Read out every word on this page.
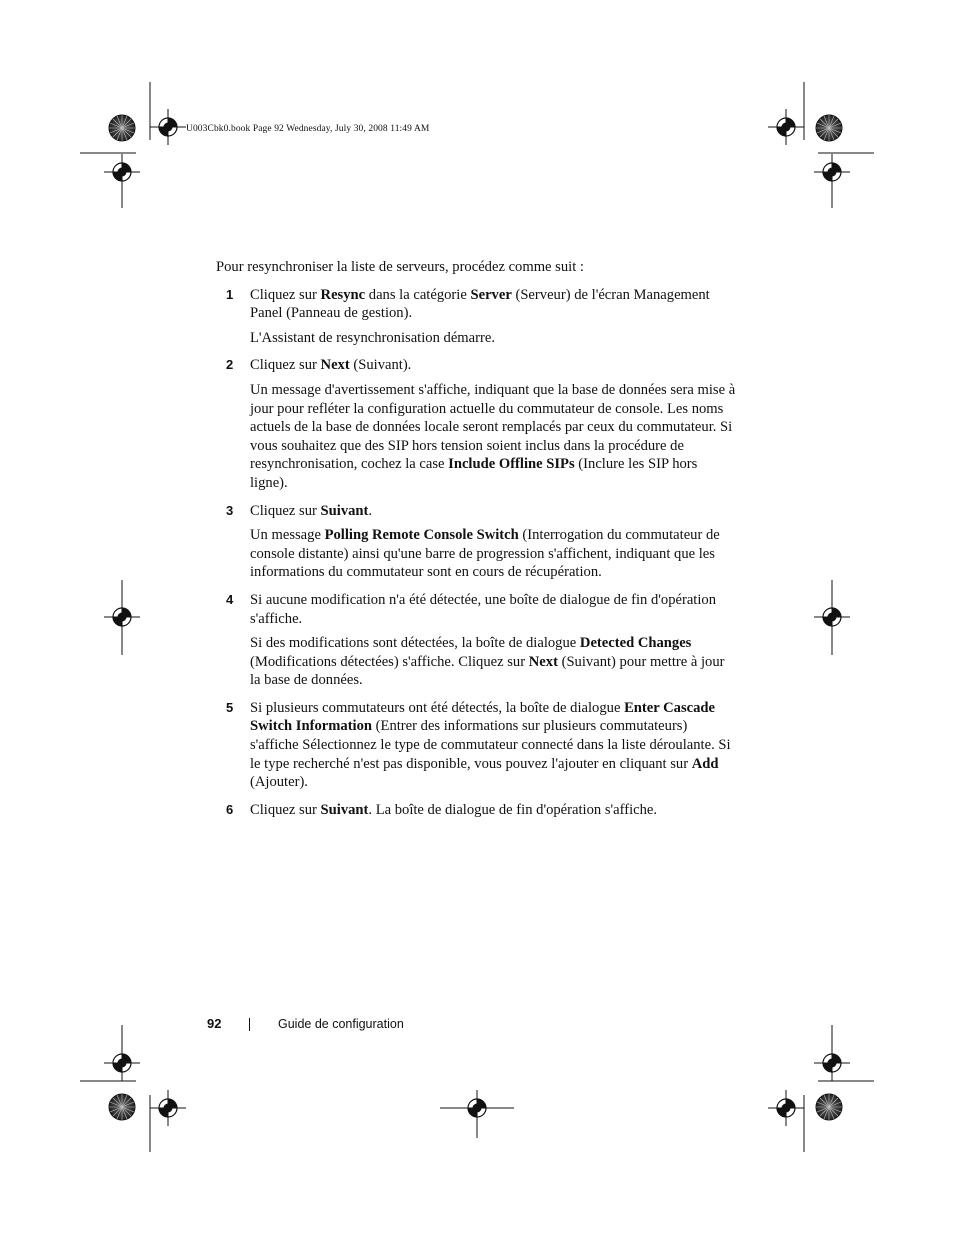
U003Cbk0.book Page 92 Wednesday, July 30, 2008 11:49 AM

Pour resynchroniser la liste de serveurs, procédez comme suit :

1 Cliquez sur Resync dans la catégorie Server (Serveur) de l'écran Management Panel (Panneau de gestion).

L'Assistant de resynchronisation démarre.

2 Cliquez sur Next (Suivant).

Un message d'avertissement s'affiche, indiquant que la base de données sera mise à jour pour refléter la configuration actuelle du commutateur de console. Les noms actuels de la base de données locale seront remplacés par ceux du commutateur. Si vous souhaitez que des SIP hors tension soient inclus dans la procédure de resynchronisation, cochez la case Include Offline SIPs (Inclure les SIP hors ligne).

3 Cliquez sur Suivant.

Un message Polling Remote Console Switch (Interrogation du commutateur de console distante) ainsi qu'une barre de progression s'affichent, indiquant que les informations du commutateur sont en cours de récupération.

4 Si aucune modification n'a été détectée, une boîte de dialogue de fin d'opération s'affiche.

Si des modifications sont détectées, la boîte de dialogue Detected Changes (Modifications détectées) s'affiche. Cliquez sur Next (Suivant) pour mettre à jour la base de données.

5 Si plusieurs commutateurs ont été détectés, la boîte de dialogue Enter Cascade Switch Information (Entrer des informations sur plusieurs commutateurs) s'affiche Sélectionnez le type de commutateur connecté dans la liste déroulante. Si le type recherché n'est pas disponible, vous pouvez l'ajouter en cliquant sur Add (Ajouter).

6 Cliquez sur Suivant. La boîte de dialogue de fin d'opération s'affiche.

92	Guide de configuration
